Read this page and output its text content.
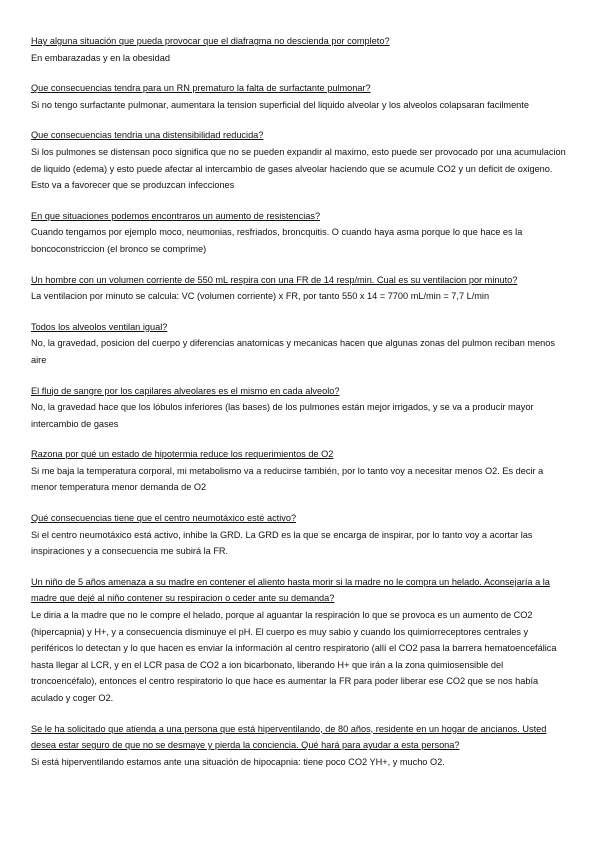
Hay alguna situación que pueda provocar que el diafragma no descienda por completo?

En embarazadas y en la obesidad

Que consecuencias tendra para un RN prematuro la falta de surfactante pulmonar?

Si no tengo surfactante pulmonar, aumentara la tension superficial del liquido alveolar y los alveolos colapsaran facilmente

Que consecuencias tendria una distensibilidad reducida?

Si los pulmones se distensan poco significa que no se pueden expandir al maximo, esto puede ser provocado por una acumulacion de liquido (edema) y esto puede afectar al intercambio de gases alveolar haciendo que se acumule CO2 y un deficit de oxigeno. Esto va a favorecer que se produzcan infecciones

En que situaciones podemos encontraros un aumento de resistencias?

Cuando tengamos por ejemplo moco, neumonias, resfriados, broncquitis. O cuando haya asma porque lo que hace es la boncoconstriccion (el bronco se comprime)

Un hombre con un volumen corriente de 550 mL respira con una FR de 14 resp/min. Cual es su ventilacion por minuto?

La ventilacion por minuto se calcula: VC (volumen corriente) x FR, por tanto 550 x 14 = 7700 mL/min = 7,7 L/min

Todos los alveolos ventilan igual?

No, la gravedad, posicion del cuerpo y diferencias anatomicas y mecanicas hacen que algunas zonas del pulmon reciban menos aire

El flujo de sangre por los capilares alveolares es el mismo en cada alveolo?

No, la gravedad hace que los lóbulos inferiores (las bases) de los pulmones están mejor irrigados, y se va a producir mayor intercambio de gases

Razona por qué un estado de hipotermia reduce los requerimientos de O2

Si me baja la temperatura corporal, mi metabolismo va a reducirse también, por lo tanto voy a necesitar menos O2. Es decir a menor temperatura menor demanda de O2

Qué consecuencias tiene que el centro neumotáxico esté activo?

Si el centro neumotáxico está activo, inhibe la GRD. La GRD es la que se encarga de inspirar, por lo tanto voy a acortar las inspiraciones y a consecuencia me subirá la FR.

Un niño de 5 años amenaza a su madre en contener el aliento hasta morir si la madre no le compra un helado. Aconsejaría a la madre que dejé al niño contener su respiracion o ceder ante su demanda?

Le diria a la madre que no le compre el helado, porque al aguantar la respiración lo que se provoca es un aumento de CO2 (hipercapnia) y H+, y a consecuencia disminuye el pH. El cuerpo es muy sabio y cuando los quimiorreceptores centrales y periféricos lo detectan y lo que hacen es enviar la información al centro respiratorio (allí el CO2 pasa la barrera hematoencefálica hasta llegar al LCR, y en el LCR pasa de CO2 a ion bicarbonato, liberando H+ que irán a la zona quimiosensible del troncoencéfalo), entonces el centro respiratorio lo que hace es aumentar la FR para poder liberar ese CO2 que se nos había aculado y coger O2.

Se le ha solicitado que atienda a una persona que está hiperventilando, de 80 años, residente en un hogar de ancianos. Usted desea estar seguro de que no se desmaye y pierda la conciencia. Qué hará para ayudar a esta persona?

Si está hiperventilando estamos ante una situación de hipocapnia: tiene poco CO2 YH+, y mucho O2.
